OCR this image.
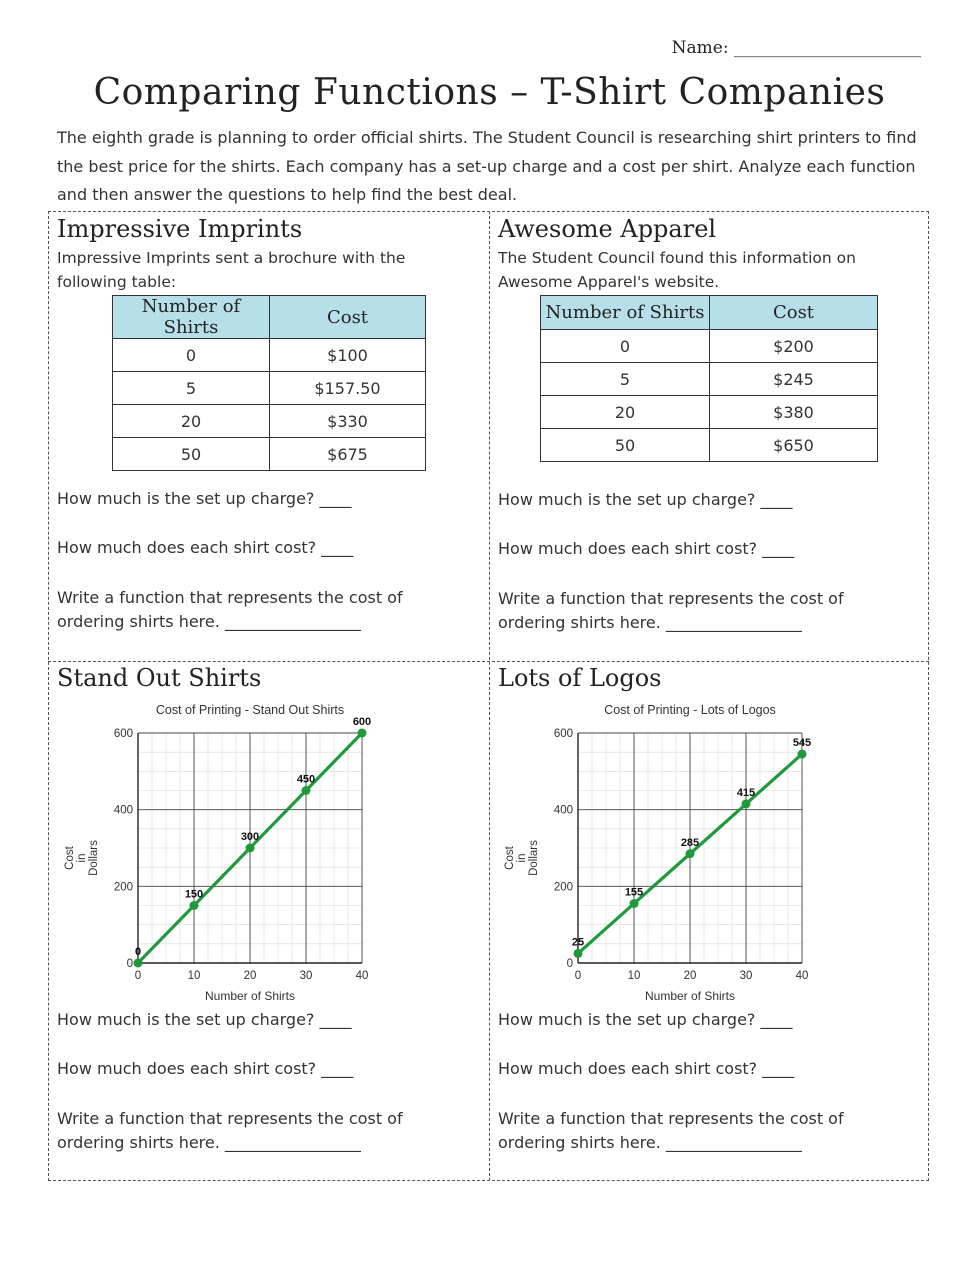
Name: ______________________
Comparing Functions – T-Shirt Companies
The eighth grade is planning to order official shirts. The Student Council is researching shirt printers to find the best price for the shirts. Each company has a set-up charge and a cost per shirt. Analyze each function and then answer the questions to help find the best deal.
Impressive Imprints
Impressive Imprints sent a brochure with the following table:
Number of Shirts	Cost
0	$100
5	$157.50
20	$330
50	$675
How much is the set up charge? ____
How much does each shirt cost? ____
Write a function that represents the cost of
ordering shirts here. _________________
Awesome Apparel
The Student Council found this information on Awesome Apparel's website.
Number of Shirts	Cost
0	$200
5	$245
20	$380
50	$650
How much is the set up charge? ____
How much does each shirt cost? ____
Write a function that represents the cost of
ordering shirts here. _________________
Stand Out Shirts
Cost of Printing - Stand Out Shirts
0	10	20	30	40
0
200
400
600
Number of Shirts
Cost in Dollars
0
150
300
450
600
How much is the set up charge? ____
How much does each shirt cost? ____
Write a function that represents the cost of
ordering shirts here. _________________
Lots of Logos
Cost of Printing - Lots of Logos
0	10	20	30	40
0
200
400
600
Number of Shirts
Cost in Dollars
25
155
285
415
545
How much is the set up charge? ____
How much does each shirt cost? ____
Write a function that represents the cost of
ordering shirts here. _________________
